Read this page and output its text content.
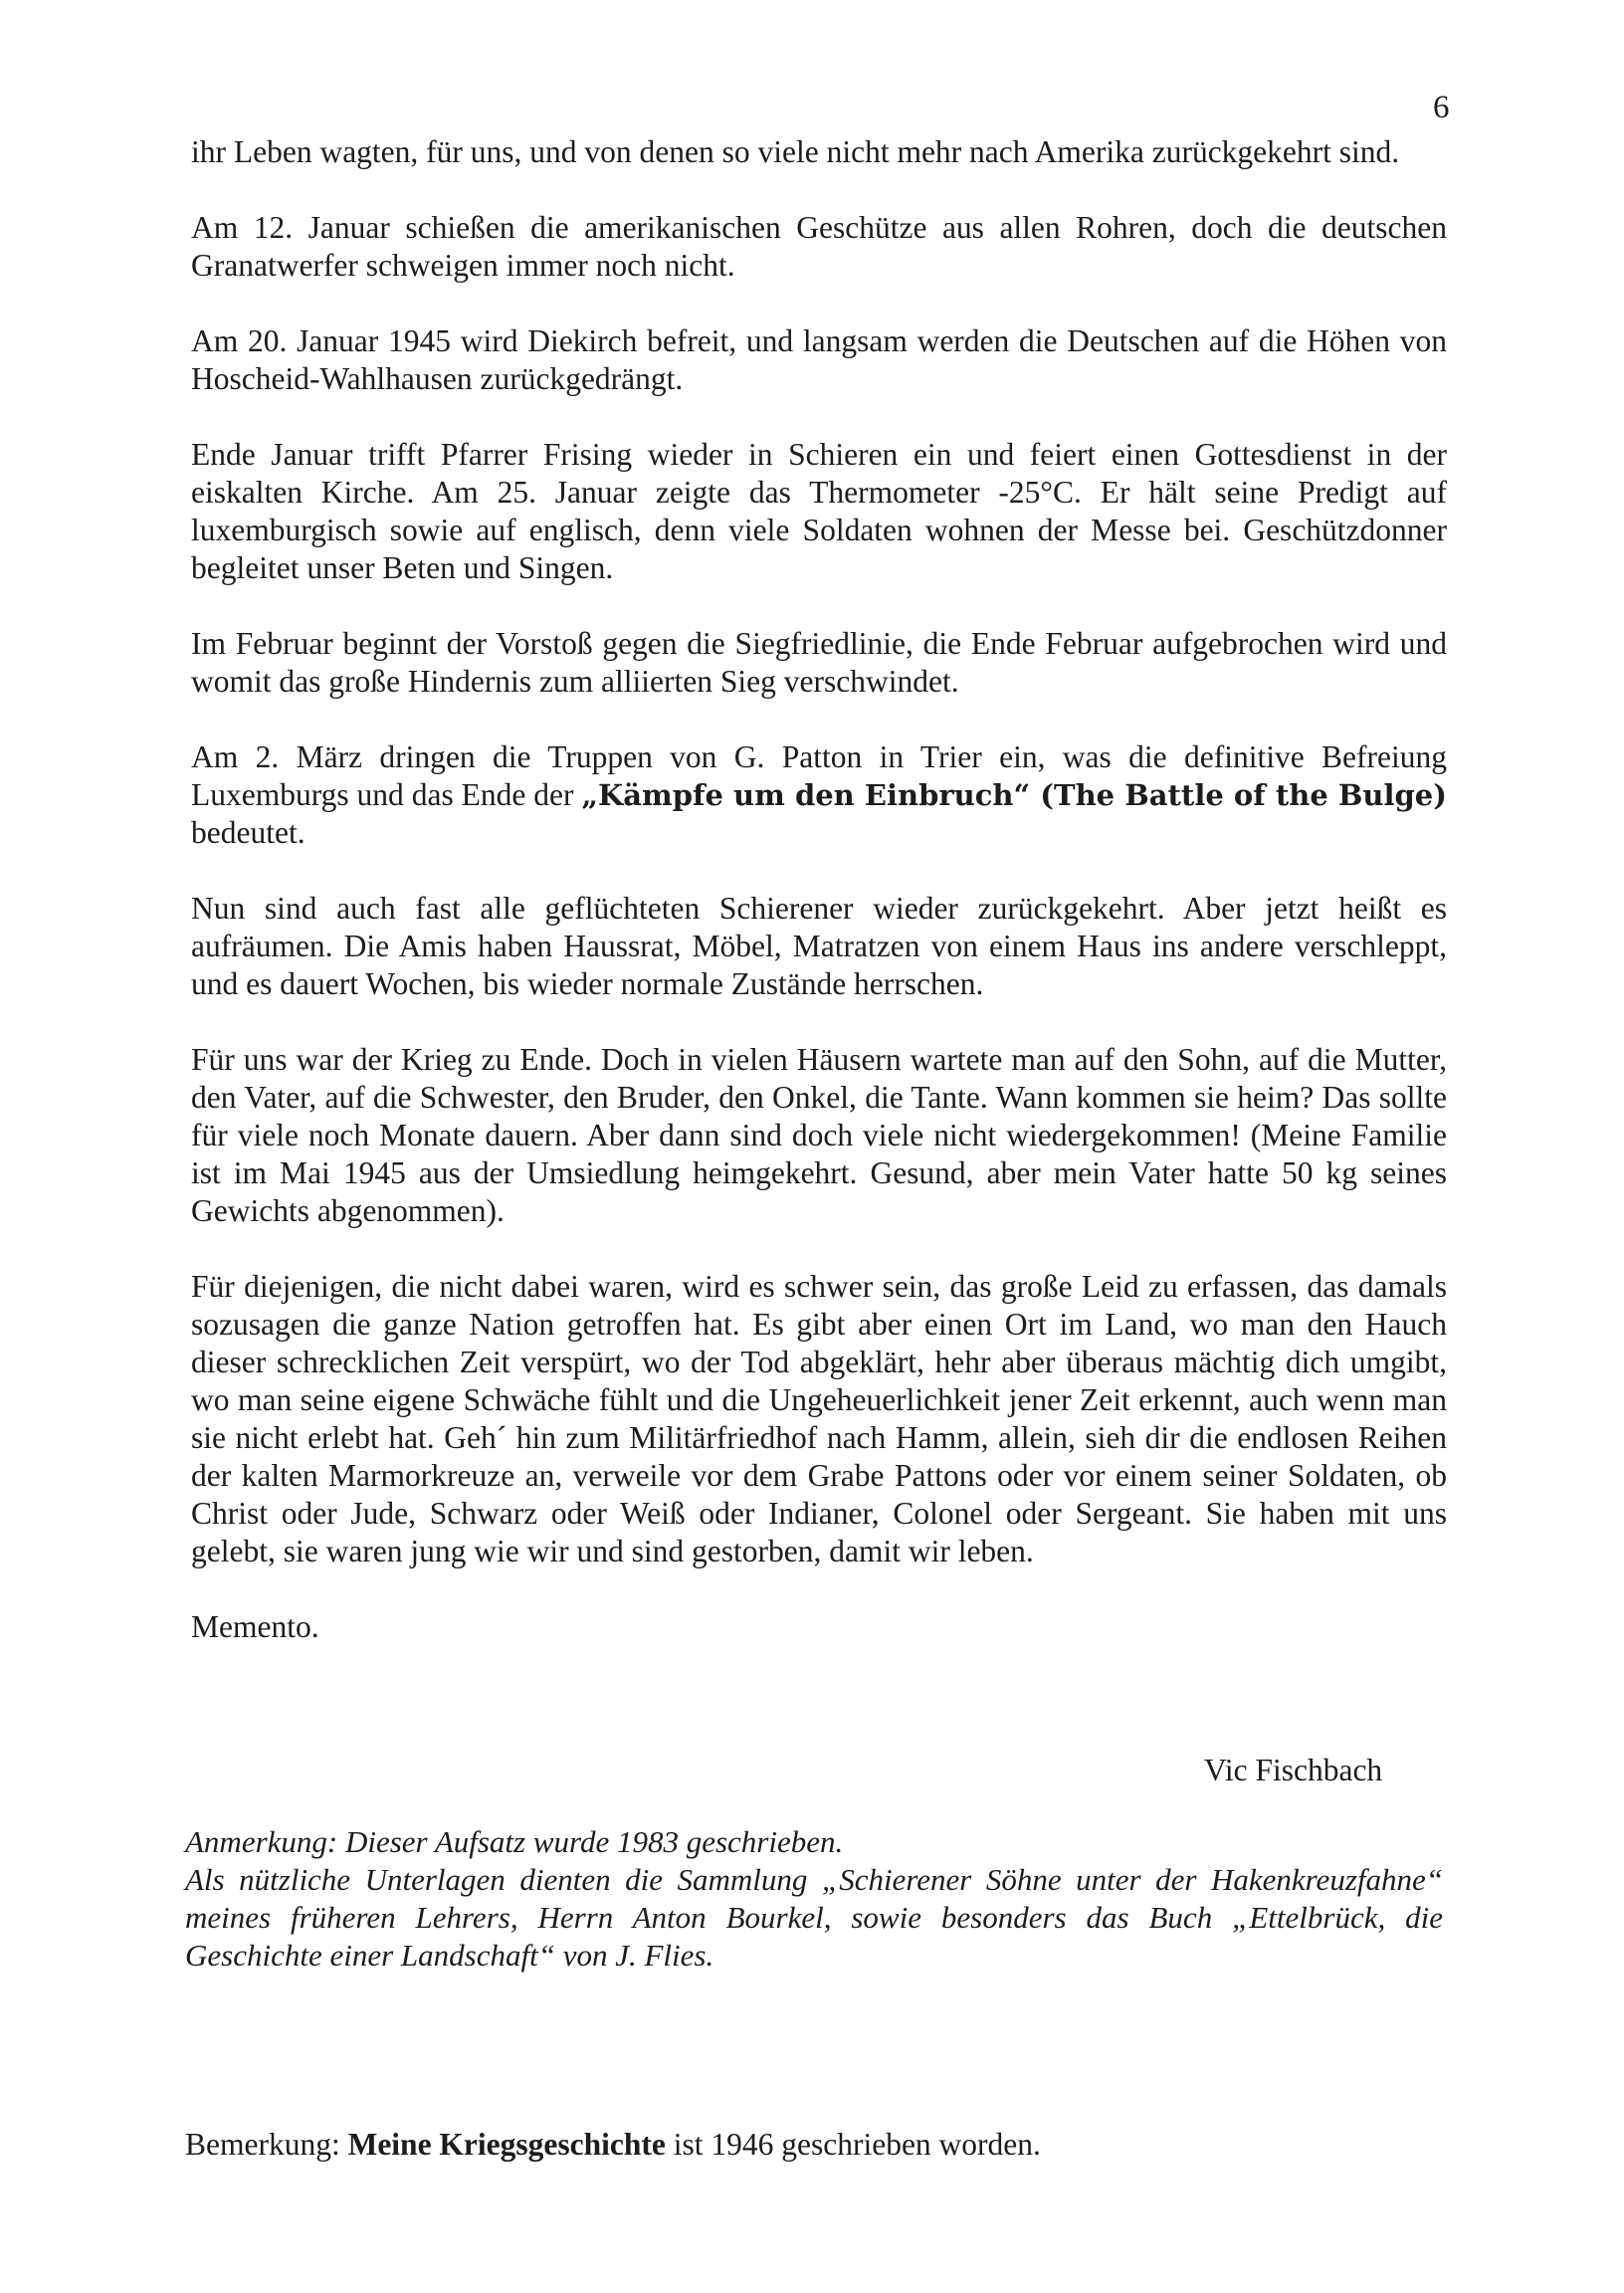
6

ihr Leben wagten, für uns, und von denen so viele nicht mehr nach Amerika zurückgekehrt sind.

Am 12. Januar schießen die amerikanischen Geschütze aus allen Rohren, doch die deutschen Granatwerfer schweigen immer noch nicht.

Am 20. Januar 1945 wird Diekirch befreit, und langsam werden die Deutschen auf die Höhen von Hoscheid-Wahlhausen zurückgedrängt.

Ende Januar trifft Pfarrer Frising wieder in Schieren ein und feiert einen Gottesdienst in der eiskalten Kirche. Am 25. Januar zeigte das Thermometer -25°C. Er hält seine Predigt auf luxemburgisch sowie auf englisch, denn viele Soldaten wohnen der Messe bei. Geschützdonner begleitet unser Beten und Singen.

Im Februar beginnt der Vorstoß gegen die Siegfriedlinie, die Ende Februar aufgebrochen wird und womit das große Hindernis zum alliierten Sieg verschwindet.

Am 2. März dringen die Truppen von G. Patton in Trier ein, was die definitive Befreiung Luxemburgs und das Ende der „Kämpfe um den Einbruch“ (The Battle of the Bulge) bedeutet.

Nun sind auch fast alle geflüchteten Schierener wieder zurückgekehrt. Aber jetzt heißt es aufräumen. Die Amis haben Haussrat, Möbel, Matratzen von einem Haus ins andere verschleppt, und es dauert Wochen, bis wieder normale Zustände herrschen.

Für uns war der Krieg zu Ende. Doch in vielen Häusern wartete man auf den Sohn, auf die Mutter, den Vater, auf die Schwester, den Bruder, den Onkel, die Tante. Wann kommen sie heim? Das sollte für viele noch Monate dauern. Aber dann sind doch viele nicht wiedergekommen! (Meine Familie ist im Mai 1945 aus der Umsiedlung heimgekehrt. Gesund, aber mein Vater hatte 50 kg seines Gewichts abgenommen).

Für diejenigen, die nicht dabei waren, wird es schwer sein, das große Leid zu erfassen, das damals sozusagen die ganze Nation getroffen hat. Es gibt aber einen Ort im Land, wo man den Hauch dieser schrecklichen Zeit verspürt, wo der Tod abgeklärt, hehr aber überaus mächtig dich umgibt, wo man seine eigene Schwäche fühlt und die Ungeheuerlichkeit jener Zeit erkennt, auch wenn man sie nicht erlebt hat. Geh´ hin zum Militärfriedhof nach Hamm, allein, sieh dir die endlosen Reihen der kalten Marmorkreuze an, verweile vor dem Grabe Pattons oder vor einem seiner Soldaten, ob Christ oder Jude, Schwarz oder Weiß oder Indianer, Colonel oder Sergeant. Sie haben mit uns gelebt, sie waren jung wie wir und sind gestorben, damit wir leben.

Memento.

Vic Fischbach

Anmerkung: Dieser Aufsatz wurde 1983 geschrieben.

Als nützliche Unterlagen dienten die Sammlung „Schierener Söhne unter der Hakenkreuzfahne“ meines früheren Lehrers, Herrn Anton Bourkel, sowie besonders das Buch „Ettelbrück, die Geschichte einer Landschaft“ von J. Flies.

Bemerkung: Meine Kriegsgeschichte ist 1946 geschrieben worden.
